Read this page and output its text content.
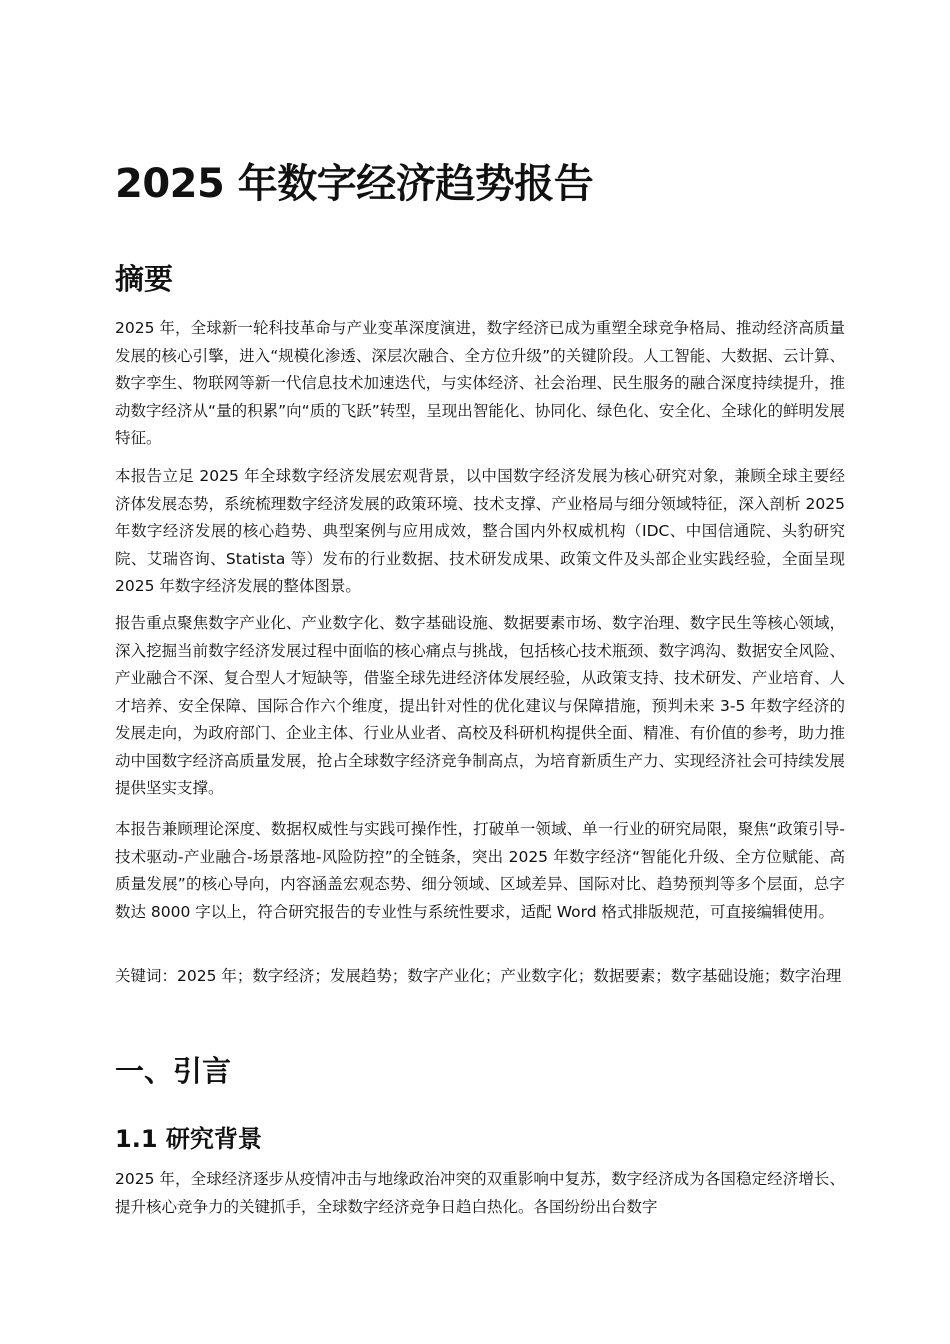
2025 年数字经济趋势报告
摘要

2025 年，全球新一轮科技革命与产业变革深度演进，数字经济已成为重塑全球竞争格局、推动经济高质量发展的核心引擎，进入“规模化渗透、深层次融合、全方位升级”的关键阶段。人工智能、大数据、云计算、数字孪生、物联网等新一代信息技术加速迭代，与实体经济、社会治理、民生服务的融合深度持续提升，推动数字经济从“量的积累”向“质的飞跃”转型，呈现出智能化、协同化、绿色化、安全化、全球化的鲜明发展特征。

本报告立足 2025 年全球数字经济发展宏观背景，以中国数字经济发展为核心研究对象，兼顾全球主要经济体发展态势，系统梳理数字经济发展的政策环境、技术支撑、产业格局与细分领域特征，深入剖析 2025 年数字经济发展的核心趋势、典型案例与应用成效，整合国内外权威机构（IDC、中国信通院、头豹研究院、艾瑞咨询、Statista 等）发布的行业数据、技术研发成果、政策文件及头部企业实践经验，全面呈现 2025 年数字经济发展的整体图景。

报告重点聚焦数字产业化、产业数字化、数字基础设施、数据要素市场、数字治理、数字民生等核心领域，深入挖掘当前数字经济发展过程中面临的核心痛点与挑战，包括核心技术瓶颈、数字鸿沟、数据安全风险、产业融合不深、复合型人才短缺等，借鉴全球先进经济体发展经验，从政策支持、技术研发、产业培育、人才培养、安全保障、国际合作六个维度，提出针对性的优化建议与保障措施，预判未来 3-5 年数字经济的发展走向，为政府部门、企业主体、行业从业者、高校及科研机构提供全面、精准、有价值的参考，助力推动中国数字经济高质量发展，抢占全球数字经济竞争制高点，为培育新质生产力、实现经济社会可持续发展提供坚实支撑。

本报告兼顾理论深度、数据权威性与实践可操作性，打破单一领域、单一行业的研究局限，聚焦“政策引导-技术驱动-产业融合-场景落地-风险防控”的全链条，突出 2025 年数字经济“智能化升级、全方位赋能、高质量发展”的核心导向，内容涵盖宏观态势、细分领域、区域差异、国际对比、趋势预判等多个层面，总字数达 8000 字以上，符合研究报告的专业性与系统性要求，适配 Word 格式排版规范，可直接编辑使用。

关键词：2025 年；数字经济；发展趋势；数字产业化；产业数字化；数据要素；数字基础设施；数字治理

一、引言
1.1 研究背景

2025 年，全球经济逐步从疫情冲击与地缘政治冲突的双重影响中复苏，数字经济成为各国稳定经济增长、提升核心竞争力的关键抓手，全球数字经济竞争日趋白热化。各国纷纷出台数字
